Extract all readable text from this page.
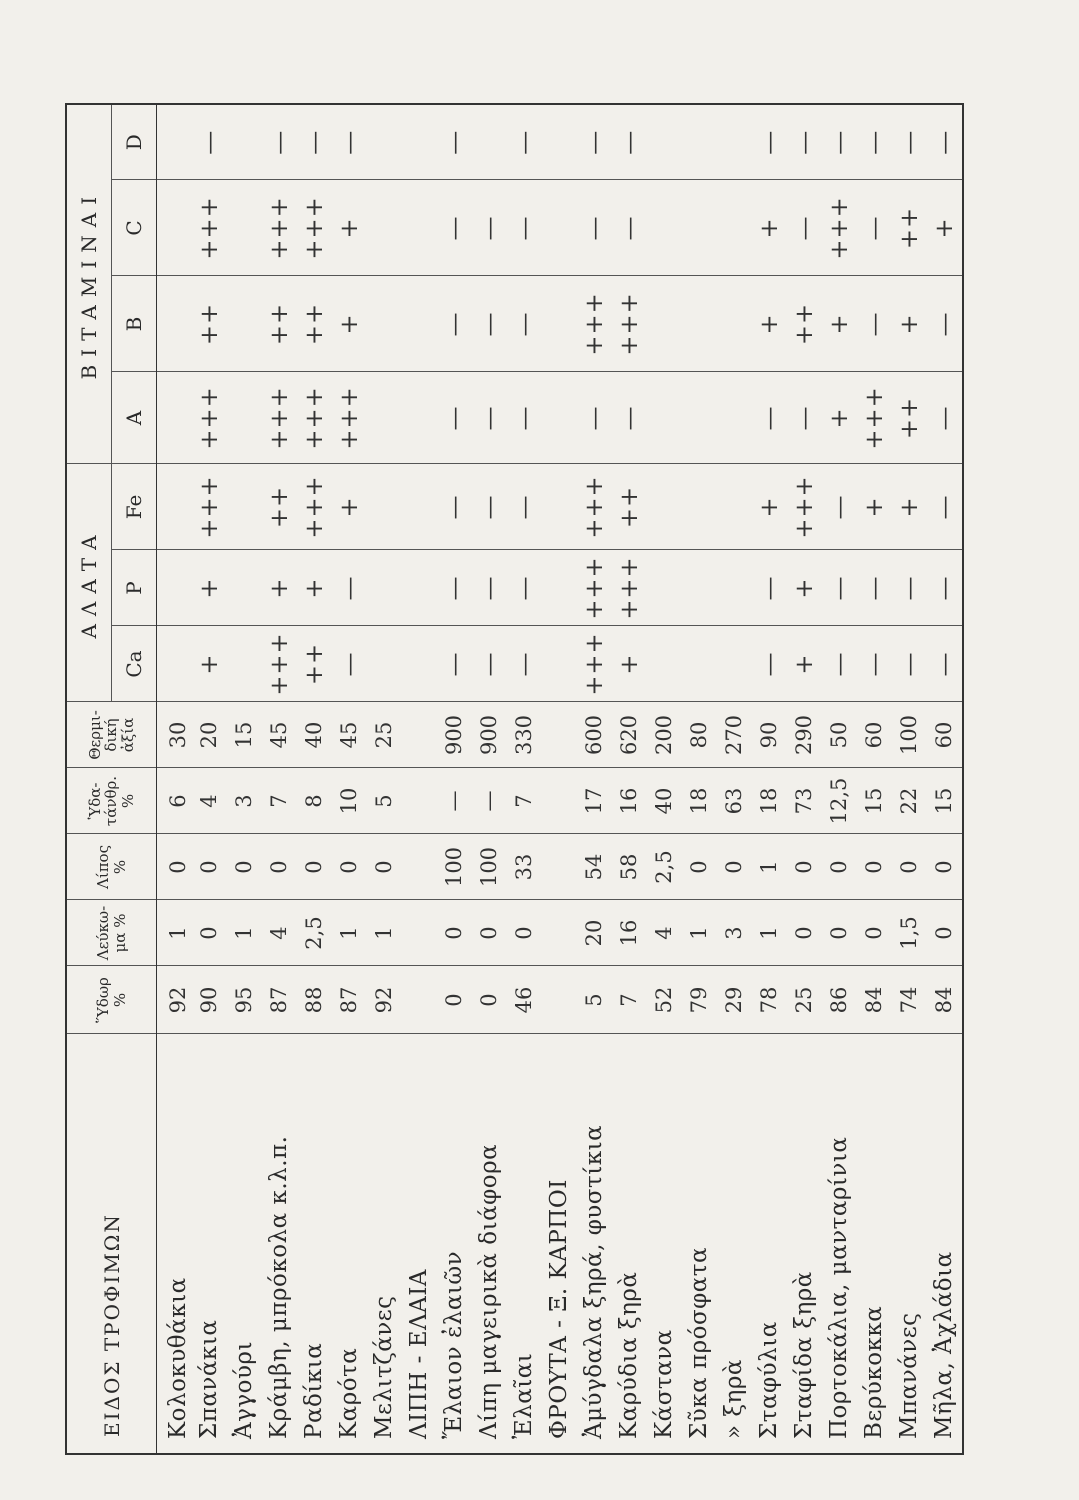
ΕΙΔΟΣ ΤΡΟΦΙΜΩΝ	Ὕδωρ %	Λεύκω-μα %	Λίπος %	Ὑδα-τάνθρ. %	Θερμι-δική ἀξία	ΑΛΑΤΑ			ΒΙΤΑΜΙΝΑΙ			
						Ca	P	Fe	A	B	C	D
Κολοκυθάκια	92	1	0	6	30							
Σπανάκια	90	0	0	4	20	+	+	+++	+++	++	+++	—
Ἀγγούρι	95	1	0	3	15							
Κράμβη, μπρόκολα κ.λ.π.	87	4	0	7	45	+++	+	++	+++	++	+++	—
Ραδίκια	88	2,5	0	8	40	++	+	+++	+++	++	+++	—
Καρότα	87	1	0	10	45	—	—	+	+++	+	+	—
Μελιτζάνες	92	1	0	5	25							
ΛΙΠΗ - ΕΛΑΙΑ												
Ἔλαιον ἐλαιῶν	0	0	100	—	900	—	—	—	—	—	—	—
Λίπη μαγειρικὰ διάφορα	0	0	100	—	900	—	—	—	—	—	—	
Ἐλαῖαι	46	0	33	7	330	—	—	—	—	—	—	—
ΦΡΟΥΤΑ - Ξ. ΚΑΡΠΟΙ												
Ἀμύγδαλα ξηρά, φυστίκια	5	20	54	17	600	+++	+++	+++	—	+++	—	—
Καρύδια ξηρὰ	7	16	58	16	620	+	+++	++	—	+++	—	—
Κάστανα	52	4	2,5	40	200							
Σῦκα πρόσφατα	79	1	0	18	80							
» ξηρὰ	29	3	0	63	270							
Σταφύλια	78	1	1	18	90	—	—	+	—	+	+	—
Σταφίδα ξηρὰ	25	0	0	73	290	+	+	+++	—	++	—	—
Πορτοκάλια, μανταρίνια	86	0	0	12,5	50	—	—	—	+	+	+++	—
Βερύκοκκα	84	0	0	15	60	—	—	+	+++	—	—	—
Μπανάνες	74	1,5	0	22	100	—	—	+	++	+	++	—
Μῆλα, Ἀχλάδια	84	0	0	15	60	—	—	—	—	—	+	—
